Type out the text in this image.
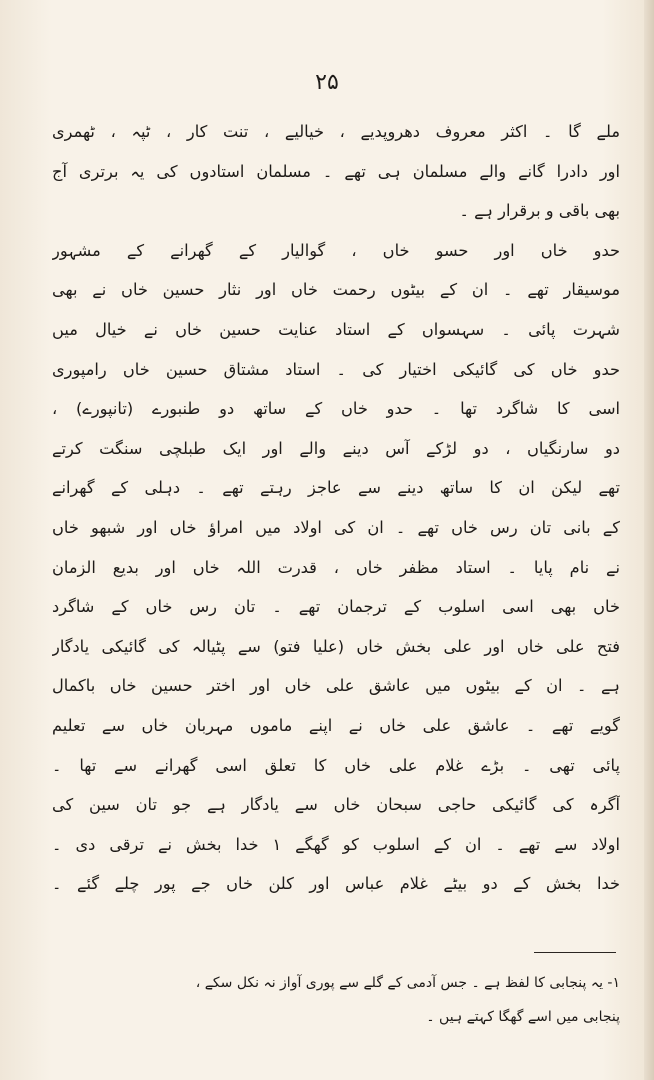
۲۵
ملے گا ۔ اکثر معروف دھروپدیے ، خیالیے ، تنت کار ، ٹپہ ، ٹھمری
اور دادرا گانے والے مسلمان ہی تھے ۔ مسلمان استادوں کی یہ برتری آج
بھی باقی و برقرار ہے ۔
حدو خاں اور حسو خاں ، گوالیار کے گھرانے کے مشہور
موسیقار تھے ۔ ان کے بیٹوں رحمت خاں اور نثار حسین خاں نے بھی
شہرت پائی ۔ سہسواں کے استاد عنایت حسین خاں نے خیال میں
حدو خاں کی گائیکی اختیار کی ۔ استاد مشتاق حسین خاں رامپوری
اسی کا شاگرد تھا ۔ حدو خاں کے ساتھ دو طنبورے (تانپورے) ،
دو سارنگیاں ، دو لڑکے آس دینے والے اور ایک طبلچی سنگت کرتے
تھے لیکن ان کا ساتھ دینے سے عاجز رہتے تھے ۔ دہلی کے گھرانے
کے بانی تان رس خاں تھے ۔ ان کی اولاد میں امراؤ خاں اور شبھو خاں
نے نام پایا ۔ استاد مظفر خاں ، قدرت اللہ خاں اور بدیع الزمان
خاں بھی اسی اسلوب کے ترجمان تھے ۔ تان رس خاں کے شاگرد
فتح علی خاں اور علی بخش خاں (علیا فتو) سے پٹیالہ کی گائیکی یادگار
ہے ۔ ان کے بیٹوں میں عاشق علی خاں اور اختر حسین خاں باکمال
گویے تھے ۔ عاشق علی خاں نے اپنے ماموں مہربان خاں سے تعلیم
پائی تھی ۔ بڑے غلام علی خاں کا تعلق اسی گھرانے سے تھا ۔
آگرہ کی گائیکی حاجی سبحان خاں سے یادگار ہے جو تان سین کی
اولاد سے تھے ۔ ان کے اسلوب کو گھگے ۱ خدا بخش نے ترقی دی ۔
خدا بخش کے دو بیٹے غلام عباس اور کلن خاں جے پور چلے گئے ۔
۱- یہ پنجابی کا لفظ ہے ۔ جس آدمی کے گلے سے پوری آواز نہ نکل سکے ،
پنجابی میں اسے گھگا کہتے ہیں ۔
